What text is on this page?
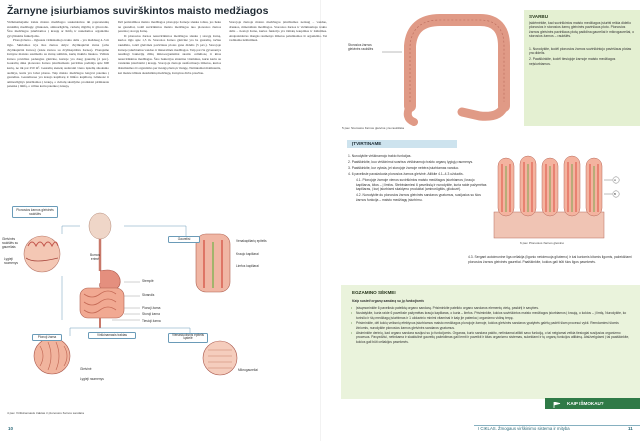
Žarnyne įsiurbiamos suvirškintos maisto medžiagos

Virškinamajame trakte maisto medžiagos suskaidomos iki paprastesnių struktūrų medžiagų: gliukozės, aminorūgščių, riebalų rūgščių ir glicerolio. Šios medžiagos įsiurbiamos į kraują ar limfą ir nunešamos organizmo gyvybinėms funkcijoms.

Plonoji žarna – ilgiausia virškinamojo trakto dalis – yra maždaug 4–5 m ilgio. Skiriamos trys šios žarnos dalys: dvylikapirštė žarna (arba dvylikapirštė žarnos) (tokie žarnos su dvylikapirštės žarnos). Plonajame žarnyne maistas susimaišo su žarnų sultimis, kurių išskiria liaukos. Vidinis žarnos paviršius padengtas gleivine, kurioje yra daug gaurelių (4 pav.). Gaurelių dėka plonosios žarnos įsiurbiamasis paviršius padidėja apie 600 kartų, ne tik pat 250 m². Gaurelių sienelę sudaranti vieno ląstelių sluoksnio audinys, kuris yra labai plonas. Taip maisto medžiagos lengvai patenka į gaurelius. Gaureliuose yra kraujo kapiliarų ir limfos kapiliarų. Gliukozė ir aminorūgštys įsiurbiamos į kraują, o riebalų skaidymo produktai pirmiausia patenka į limfą, o vėliau kartu patenka į kraują.

Dėl peristaltikos maisto medžiagos plonojoje žarnoje slenka toliau, jos lieka ne gaureliai, todėl suvirškintos maisto medžiagos nuo plonosios žarnos pereina į storąją žarną.

Iš plonosios žarnos nesuvirškintos medžiagos slenka į storąją žarną, kurios ilgis apie 1,5 m. Storosios žarnos gleivinė yra be gaurelių, tačiau raukšlėta, todėl gleivinės paviršiaus plotas gana didelis (5 pav.). Storojoje žarnoje įsiurbiamas vanduo ir mineralinės medžiagos. Taip pat čia gyvenantys naudingi bakterijų rūšių mikroorganizmai skaido celiuliozę ir kitas nesuvirškintas medžiagas. Šios bakterijos sintetina vitaminus, kurie kartu su vandeniu įsiurbiami į kraują. Storojoje žarnoje susiformuoja išmatos, kurios išstumiamos iš organizmo per tiesiąją žarną ir išangę. Netinkamai maitinantis, kai maiste trūksta skaidulinių medžiagų, žarnynas dirba prasčiau.

Storojoje žarnoje maisto medžiagos įsiurbiamos nedaug – vanduo, druskos, mineralinės medžiagos. Storosios žarnos ir virškinamojo trakto dalis – tiesioji žarna, kurios funkcija yra išmatų kaupimas ir šalinimas. Atsipalaidavus išangės raumenys išmatos pašalinamos iš organizmo. Tai vadinama tuštinimusi.

Plonosios žarnos gleivinės raukšlės
Gleivinės raukšlės su gaureliais
Lygieji raumenys
Burnos ertmė
Gaurelisi	Venakapiliarių epitelis
Kraujo kapiliarai
Limfos kapiliarai
Stemplė
Skrandis
Plonoji žarna
Storoji žarna
Tiesioji žarna
Plonoji žarna	Virškinamasis traktas	Vienasluoksnis epitelis ląstelė
Gleivinė
Lygieji raumenys
Mikrogaureliai
4 pav. Virškinamasis traktas ir plonosios žarnos sandara
10
Storosios žarnos gleivinės raukšlės
5 pav. Storosios žarnos gleivinė yra raukšlėta
SVARBU
Įsidėmėkite, kad suvirškintos maisto medžiagos įsiurbti reikia didelio plonosios ir storosios žarnų gleivinės paviršiaus ploto. Plonosios žarnos gleivinės paviršiaus plotą padidina gaureliai ir mikrogaureliai, o storosios žarnos – raukšlės.
1. Nurodykite, kodėl plonosios žarnos suvirškintojo paviršiaus plotas yra didelis.
2. Paaiškinkite, kodėl tiesiojoje žarnoje maisto medžiagos neįsiurbiamos.
ĮTVIRTINAME
1. Nurodykite virškinamojo trakto funkcijas.
2. Paaiškinkite, kuo virškinimui svarbus virškinamojo trakto organų lygiųjų raumenys.
3. Paaiškinkite, kur vyksta, jei storojoje žarnoje nebėra įsiurbiamas vanduo.
4. 6 paveiksle pavaizduota plonosios žarnos gleivinė. Atlikite 4.1–4.3 užduotis.
4.1. Plonojoje žarnoje vienos suvirškintos maisto medžiagos įsiurbiamos į kraujo kapiliarus, kitos – į limfos. Stebėdamiesi 6 paveikslą ir nurodykite, kuria raide pažymėtas kapiliaras, į kurį įsiurbiami skaidymo produktai (aminorūgštis, gliukozė).
4.2. Nurodykite du plonosios žarnos gleivinės sandaros ypatumus, susijusius su šios žarnos funkcija – maisto medžiagų įsiurbimu.
A
B
6 pav. Plonosios žarnos gleivinė
4.3. Sergant autoimunine liga celiakija (ligonio netoleruoja gliutemo) ir kai kuriomis kitomis ligomis, pažeidžiami plonosios žarnos gleivinės gaureliai. Paaiškinkite, kokios gali būti šios ligos pasekmės.
EGZAMINO SĖKMEI
Kaip susieti organų sandarą su jų funkcijomis
• Įsisąmoninkite 6 paveikslo pateiktą organo sandarą. Prisiminkite pateikto organo sandaros elementų vietą, paskirtį ir savybes.
• Nustatykite, kuria raide 6 paveiksle pažymėtas kraujo kapiliaras, o kuria – limfos. Prisiminkite, kokios suvirškintos maisto medžiagos įsiurbiamos į kraują, o kokios – į limfą. Nurodykite, ko turinčio ir šių medžiagų įsiurbimas ir 1 uždavinio minimi vitaminai ir kaip jie patenka į organizmo vidinę terpę.
• Prisiminkite, dėl kokių veiksnių efektyvus įsiurbiamos maisto medžiagos plonojoje žarnoje, kokios gleivinės sandaros ypatybės galėtų padėti šiam procesui vykti. Remdamiesi šiomis žiniomis, nurodykite plonosios žarnos gleivinės sandaros ypatumus.
• Atsiminkite derinių, kad organo sandara susijusi su jo funkcijomis. Organas, kurio sandara pakito, netinkamai atlikti savo funkciją, o tai neigiamai veikia tiesiogiai susijusius organizmo procesus. Pavyzdžiui, netinkama ir skaidulinė gaurelių pažeidimas gali lemti ir paveikti ir kitas organizmo sistemas, sukeldami ir tų organų funkcijos atlikimą. Atsižvelgdami į tai paaiškinkite, kokios gali būti celiakijos pasekmės.
KAIP IŠMOKAU?
I CIKLAS. Žmogaus virškinimo sistema ir mityba	11
